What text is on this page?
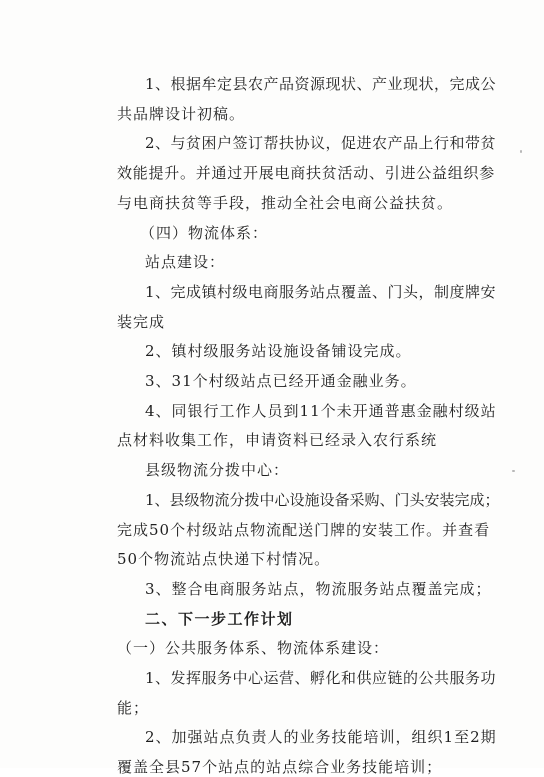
1、根据牟定县农产品资源现状、产业现状，完成公
共品牌设计初稿。
2、与贫困户签订帮扶协议，促进农产品上行和带贫
效能提升。并通过开展电商扶贫活动、引进公益组织参
与电商扶贫等手段，推动全社会电商公益扶贫。
（四）物流体系：
站点建设：
1、完成镇村级电商服务站点覆盖、门头，制度牌安
装完成
2、镇村级服务站设施设备铺设完成。
3、31个村级站点已经开通金融业务。
4、同银行工作人员到11个未开通普惠金融村级站
点材料收集工作，申请资料已经录入农行系统
县级物流分拨中心：
1、县级物流分拨中心设施设备采购、门头安装完成；
完成50个村级站点物流配送门牌的安装工作。并查看
50个物流站点快递下村情况。
3、整合电商服务站点，物流服务站点覆盖完成；
二、下一步工作计划
（一）公共服务体系、物流体系建设：
1、发挥服务中心运营、孵化和供应链的公共服务功
能；
2、加强站点负责人的业务技能培训，组织1至2期
覆盖全县57个站点的站点综合业务技能培训；
